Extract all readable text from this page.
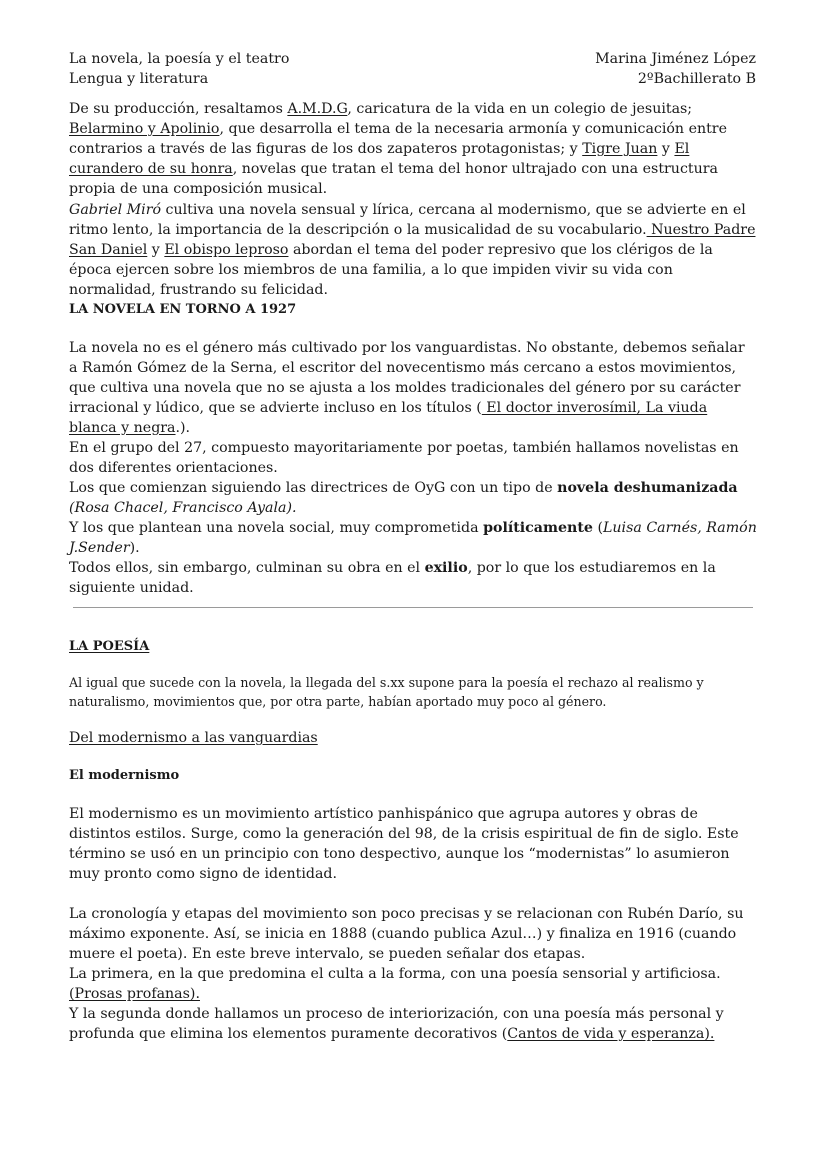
La novela, la poesía y el teatro
Lengua y literatura
Marina Jiménez López
2ºBachillerato B

De su producción, resaltamos A.M.D.G, caricatura de la vida en un colegio de jesuitas; Belarmino y Apolinio, que desarrolla el tema de la necesaria armonía y comunicación entre contrarios a través de las figuras de los dos zapateros protagonistas; y Tigre Juan y El curandero de su honra, novelas que tratan el tema del honor ultrajado con una estructura propia de una composición musical.

Gabriel Miró cultiva una novela sensual y lírica, cercana al modernismo, que se advierte en el ritmo lento, la importancia de la descripción o la musicalidad de su vocabulario. Nuestro Padre San Daniel y El obispo leproso abordan el tema del poder represivo que los clérigos de la época ejercen sobre los miembros de una familia, a lo que impiden vivir su vida con normalidad, frustrando su felicidad.

LA NOVELA EN TORNO A 1927

La novela no es el género más cultivado por los vanguardistas. No obstante, debemos señalar a Ramón Gómez de la Serna, el escritor del novecentismo más cercano a estos movimientos, que cultiva una novela que no se ajusta a los moldes tradicionales del género por su carácter irracional y lúdico, que se advierte incluso en los títulos ( El doctor inverosímil, La viuda blanca y negra.).

En el grupo del 27, compuesto mayoritariamente por poetas, también hallamos novelistas en dos diferentes orientaciones.

Los que comienzan siguiendo las directrices de OyG con un tipo de novela deshumanizada (Rosa Chacel, Francisco Ayala).

Y los que plantean una novela social, muy comprometida políticamente (Luisa Carnés, Ramón J.Sender).

Todos ellos, sin embargo, culminan su obra en el exilio, por lo que los estudiaremos en la siguiente unidad.

LA POESÍA

Al igual que sucede con la novela, la llegada del s.xx supone para la poesía el rechazo al realismo y naturalismo, movimientos que, por otra parte, habían aportado muy poco al género.

Del modernismo a las vanguardias

El modernismo

El modernismo es un movimiento artístico panhispánico que agrupa autores y obras de distintos estilos. Surge, como la generación del 98, de la crisis espiritual de fin de siglo. Este término se usó en un principio con tono despectivo, aunque los “modernistas” lo asumieron muy pronto como signo de identidad.

La cronología y etapas del movimiento son poco precisas y se relacionan con Rubén Darío, su máximo exponente. Así, se inicia en 1888 (cuando publica Azul…) y finaliza en 1916 (cuando muere el poeta). En este breve intervalo, se pueden señalar dos etapas.

La primera, en la que predomina el culta a la forma, con una poesía sensorial y artificiosa. (Prosas profanas).

Y la segunda donde hallamos un proceso de interiorización, con una poesía más personal y profunda que elimina los elementos puramente decorativos (Cantos de vida y esperanza).
